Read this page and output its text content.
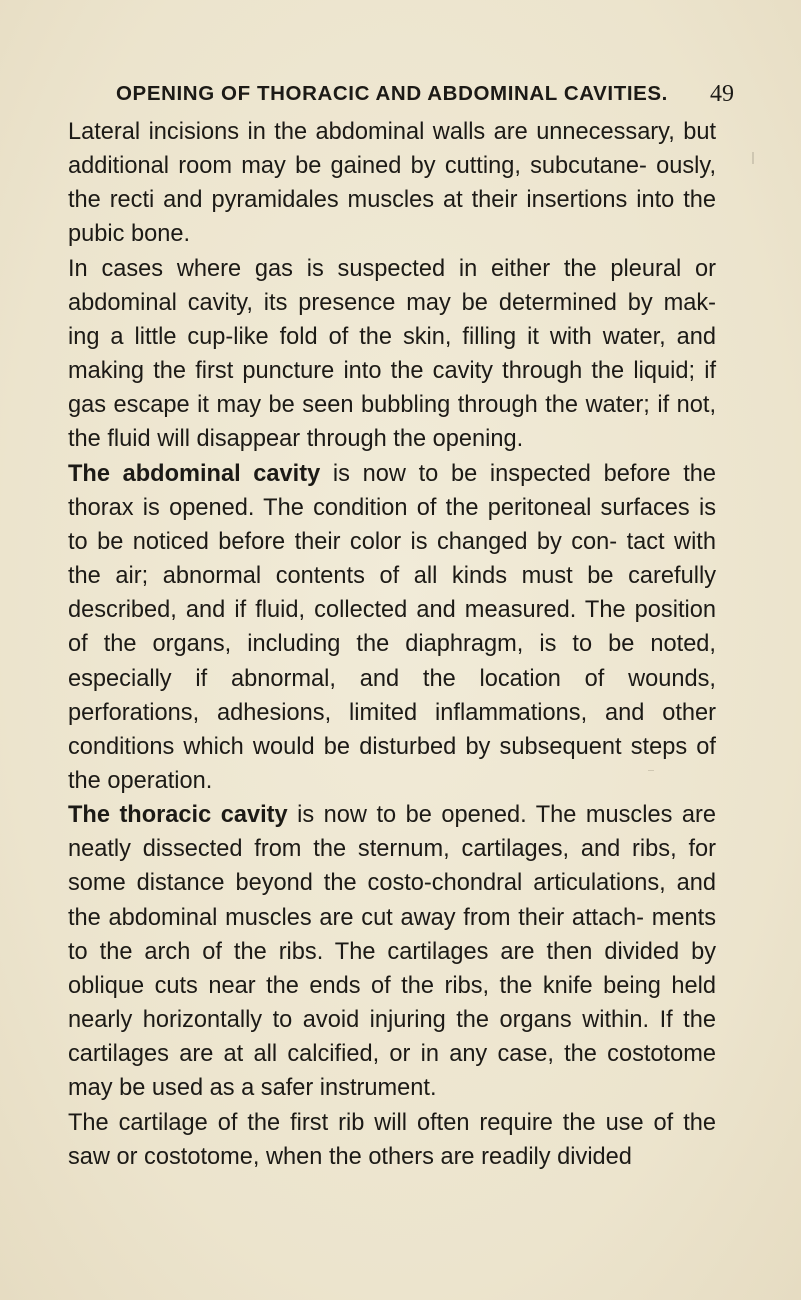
OPENING OF THORACIC AND ABDOMINAL CAVITIES. 49

Lateral incisions in the abdominal walls are unnecessary, but additional room may be gained by cutting, subcutane- ously, the recti and pyramidales muscles at their insertions into the pubic bone.

In cases where gas is suspected in either the pleural or abdominal cavity, its presence may be determined by mak- ing a little cup-like fold of the skin, filling it with water, and making the first puncture into the cavity through the liquid; if gas escape it may be seen bubbling through the water; if not, the fluid will disappear through the opening.

The abdominal cavity is now to be inspected before the thorax is opened. The condition of the peritoneal surfaces is to be noticed before their color is changed by con- tact with the air; abnormal contents of all kinds must be carefully described, and if fluid, collected and measured. The position of the organs, including the diaphragm, is to be noted, especially if abnormal, and the location of wounds, perforations, adhesions, limited inflammations, and other conditions which would be disturbed by subsequent steps of the operation.

The thoracic cavity is now to be opened. The muscles are neatly dissected from the sternum, cartilages, and ribs, for some distance beyond the costo-chondral articulations, and the abdominal muscles are cut away from their attach- ments to the arch of the ribs. The cartilages are then divided by oblique cuts near the ends of the ribs, the knife being held nearly horizontally to avoid injuring the organs within. If the cartilages are at all calcified, or in any case, the costotome may be used as a safer instrument.

The cartilage of the first rib will often require the use of the saw or costotome, when the others are readily divided
